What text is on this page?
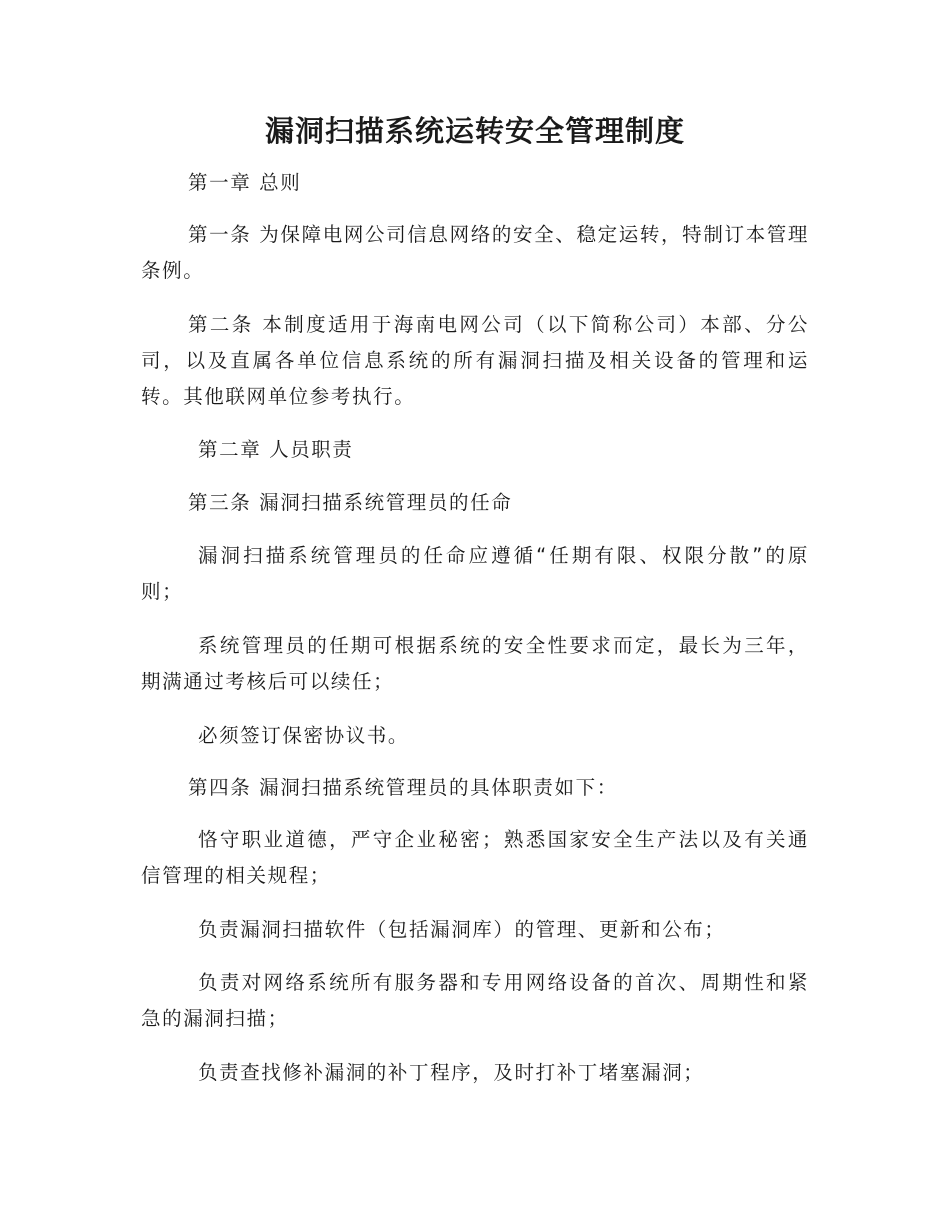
漏洞扫描系统运转安全管理制度

第一章 总则

第一条 为保障电网公司信息网络的安全、稳定运转，特制订本管理条例。

第二条 本制度适用于海南电网公司（以下简称公司）本部、分公司，以及直属各单位信息系统的所有漏洞扫描及相关设备的管理和运转。其他联网单位参考执行。

第二章 人员职责

第三条 漏洞扫描系统管理员的任命

漏洞扫描系统管理员的任命应遵循“任期有限、权限分散”的原则；

系统管理员的任期可根据系统的安全性要求而定，最长为三年，期满通过考核后可以续任；

必须签订保密协议书。

第四条 漏洞扫描系统管理员的具体职责如下：

恪守职业道德，严守企业秘密；熟悉国家安全生产法以及有关通信管理的相关规程；

负责漏洞扫描软件（包括漏洞库）的管理、更新和公布；

负责对网络系统所有服务器和专用网络设备的首次、周期性和紧急的漏洞扫描；

负责查找修补漏洞的补丁程序，及时打补丁堵塞漏洞；
